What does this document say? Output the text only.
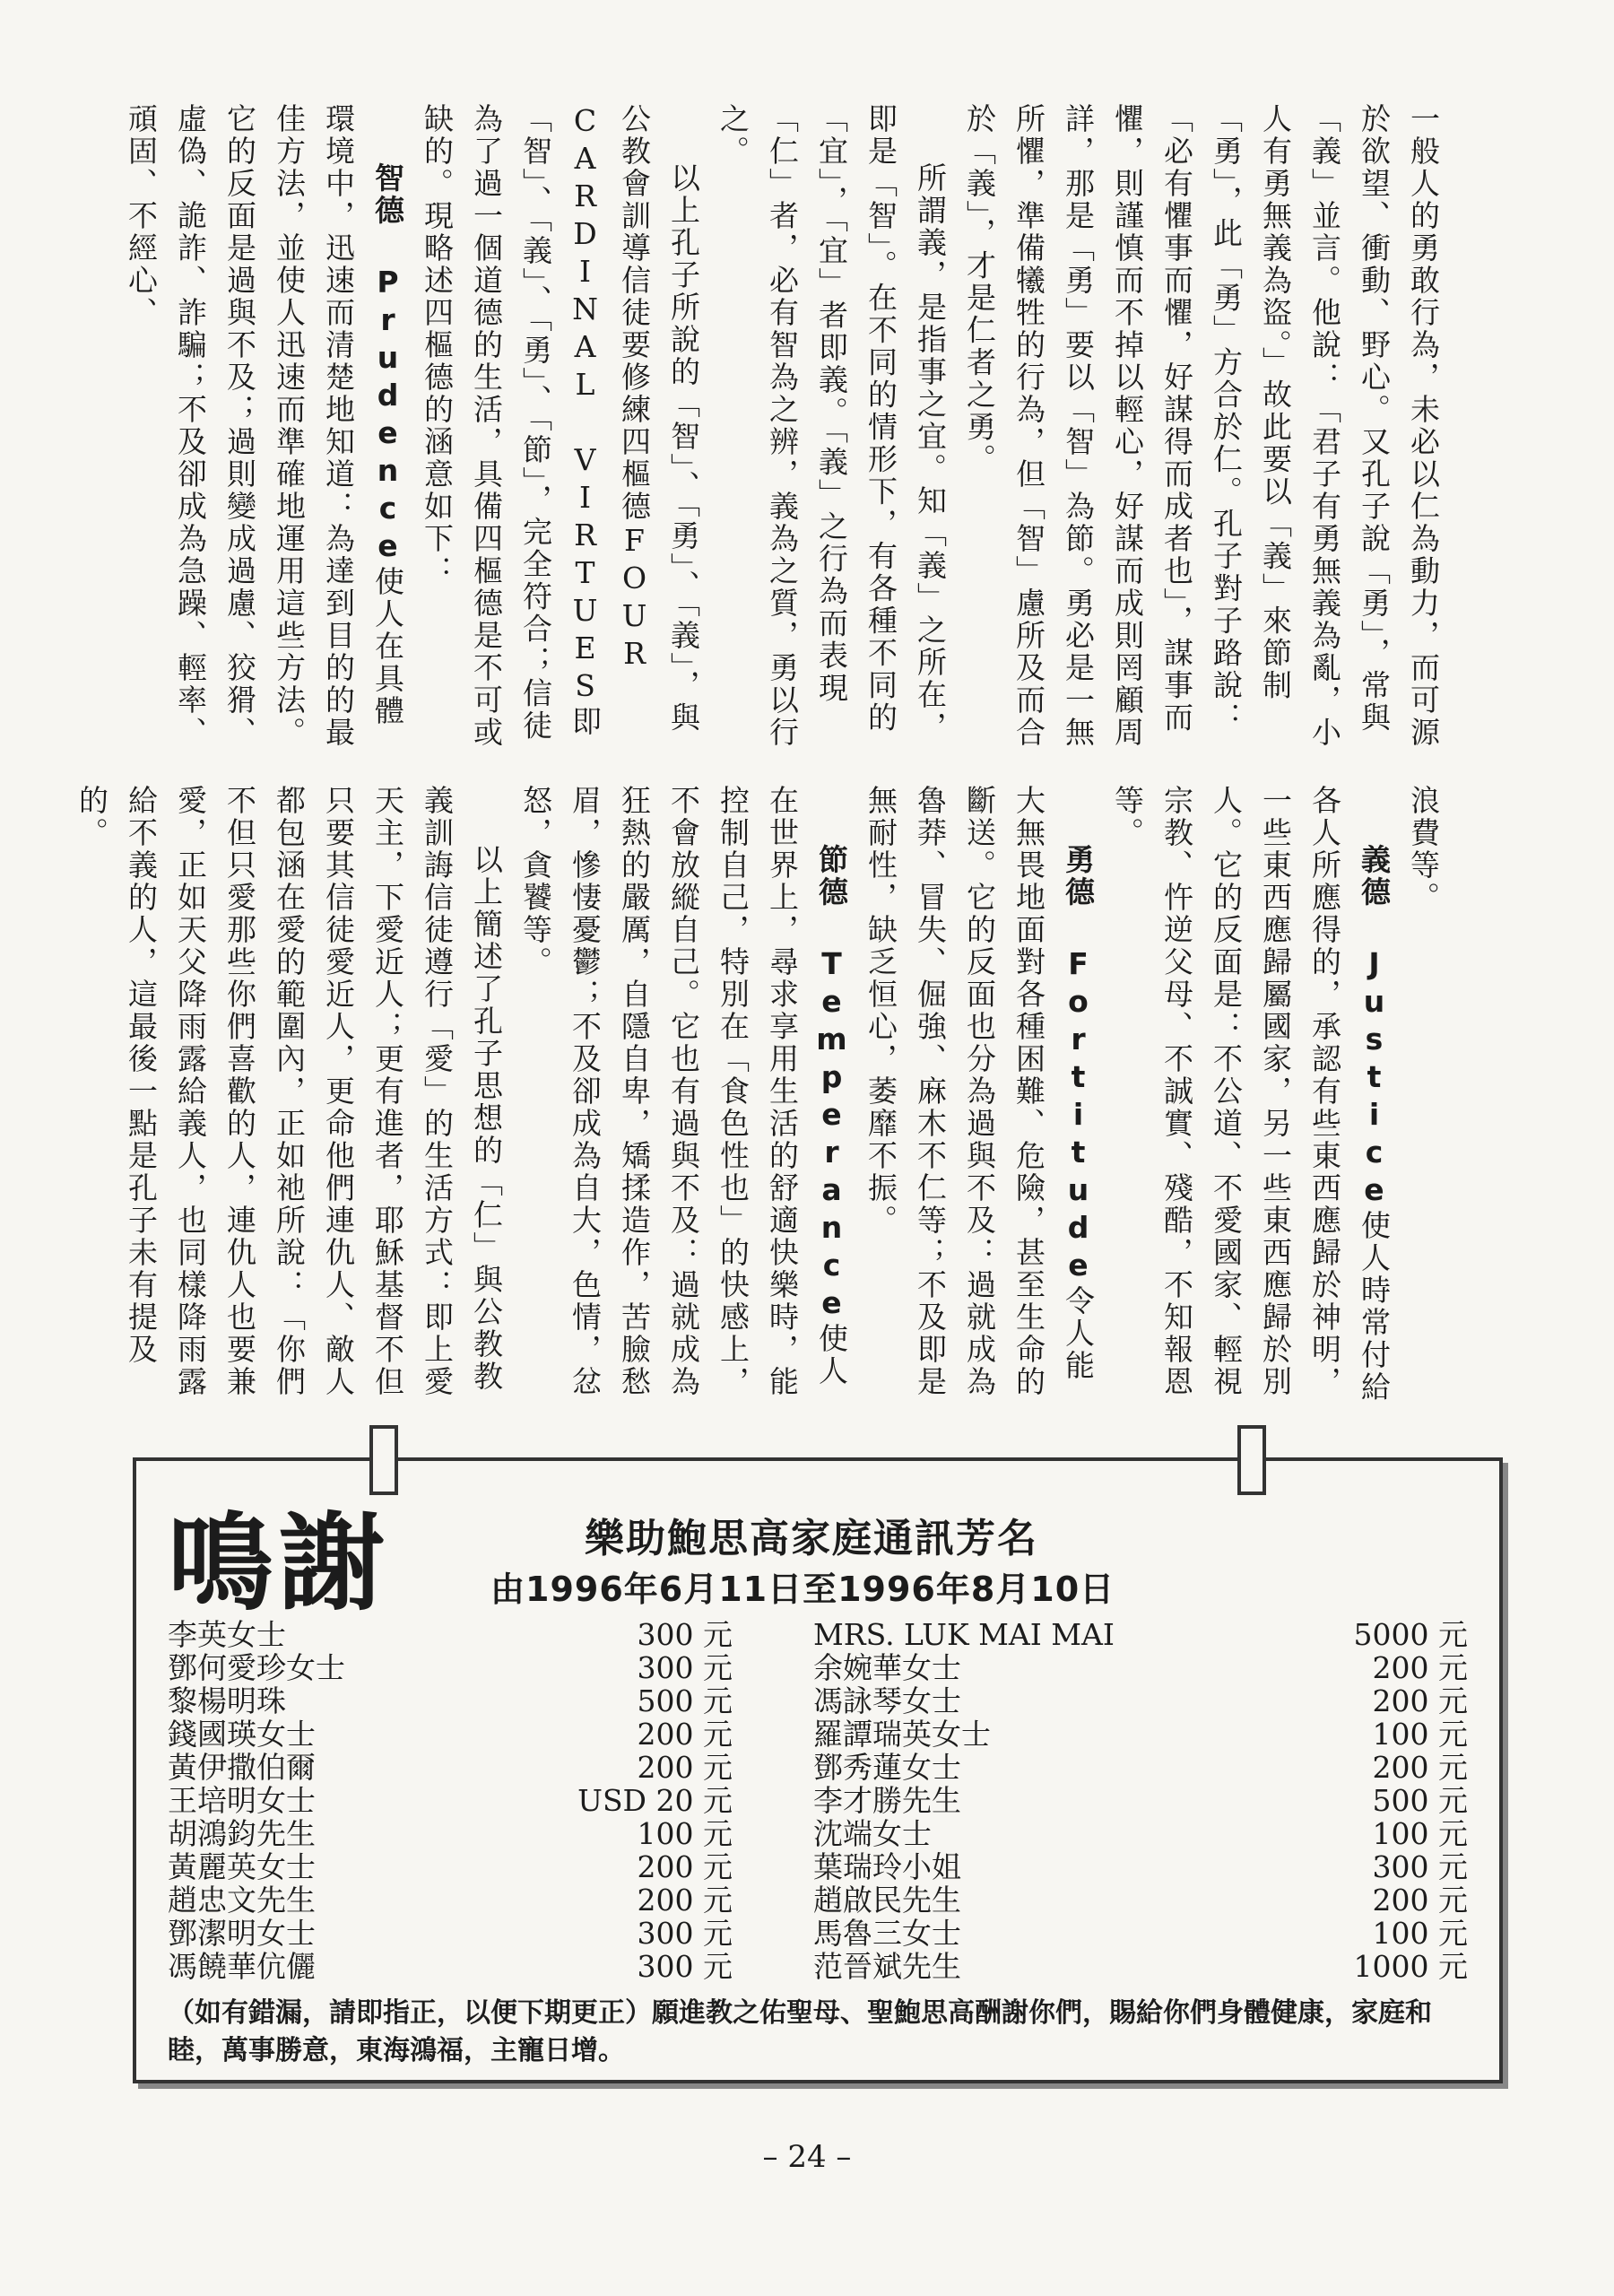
一般人的勇敢行為，未必以仁為動力，而可源於欲望、衝動、野心。又孔子說「勇」，常與「義」並言。他說：「君子有勇無義為亂，小人有勇無義為盜。」故此要以「義」來節制「勇」，此「勇」方合於仁。孔子對子路說：「必有懼事而懼，好謀得而成者也」，謀事而懼，則謹慎而不掉以輕心，好謀而成則罔顧周詳，那是「勇」要以「智」為節。勇必是一無所懼，準備犧牲的行為，但「智」慮所及而合於「義」，才是仁者之勇。
所謂義，是指事之宜。知「義」之所在，即是「智」。在不同的情形下，有各種不同的「宜」，「宜」者即義。「義」之行為而表現「仁」者，必有智為之辨，義為之質，勇以行之。
以上孔子所說的「智」、「勇」、「義」，與公教會訓導信徒要修練四樞德FOUR CARDINAL VIRTUES即「智」、「義」、「勇」、「節」，完全符合；信徒為了過一個道德的生活，具備四樞德是不可或缺的。現略述四樞德的涵意如下：
智德 Prudence使人在具體環境中，迅速而清楚地知道：為達到目的的最佳方法，並使人迅速而準確地運用這些方法。它的反面是過與不及；過則變成過慮、狡猾、虛偽、詭詐、詐騙；不及卻成為急躁、輕率、頑固、不經心、
浪費等。
義德 Justice使人時常付給各人所應得的，承認有些東西應歸於神明，一些東西應歸屬國家，另一些東西應歸於別人。它的反面是：不公道、不愛國家、輕視宗教、忤逆父母、不誠實、殘酷，不知報恩等。
勇德 Fortitude令人能大無畏地面對各種困難、危險，甚至生命的斷送。它的反面也分為過與不及：過就成為魯莽、冒失、倔強、麻木不仁等；不及即是無耐性，缺乏恒心，萎靡不振。
節德 Temperance使人在世界上，尋求享用生活的舒適快樂時，能控制自己，特別在「食色性也」的快感上，不會放縱自己。它也有過與不及：過就成為狂熱的嚴厲，自隱自卑，矯揉造作，苦臉愁眉，慘悽憂鬱；不及卻成為自大，色情，忿怒，貪饕等。
以上簡述了孔子思想的「仁」與公教教義訓誨信徒遵行「愛」的生活方式：即上愛天主，下愛近人；更有進者，耶穌基督不但只要其信徒愛近人，更命他們連仇人、敵人都包涵在愛的範圍內，正如祂所說：「你們不但只愛那些你們喜歡的人，連仇人也要兼愛，正如天父降雨露給義人，也同樣降雨露給不義的人，這最後一點是孔子未有提及的。
鳴謝	樂助鮑思高家庭通訊芳名
由1996年6月11日至1996年8月10日
李英女士	300 元	MRS. LUK MAI MAI	5000 元
鄧何愛珍女士	300 元	余婉華女士	200 元
黎楊明珠	500 元	馮詠琴女士	200 元
錢國瑛女士	200 元	羅譚瑞英女士	100 元
黃伊撒伯爾	200 元	鄧秀蓮女士	200 元
王培明女士	USD 20 元	李才勝先生	500 元
胡鴻鈞先生	100 元	沈端女士	100 元
黃麗英女士	200 元	葉瑞玲小姐	300 元
趙忠文先生	200 元	趙啟民先生	200 元
鄧潔明女士	300 元	馬魯三女士	100 元
馮饒華伉儷	300 元	范晉斌先生	1000 元
（如有錯漏，請即指正，以便下期更正）願進教之佑聖母、聖鮑思高酬謝你們，賜給你們身體健康，家庭和睦，萬事勝意，東海鴻福，主寵日增。
– 24 –
